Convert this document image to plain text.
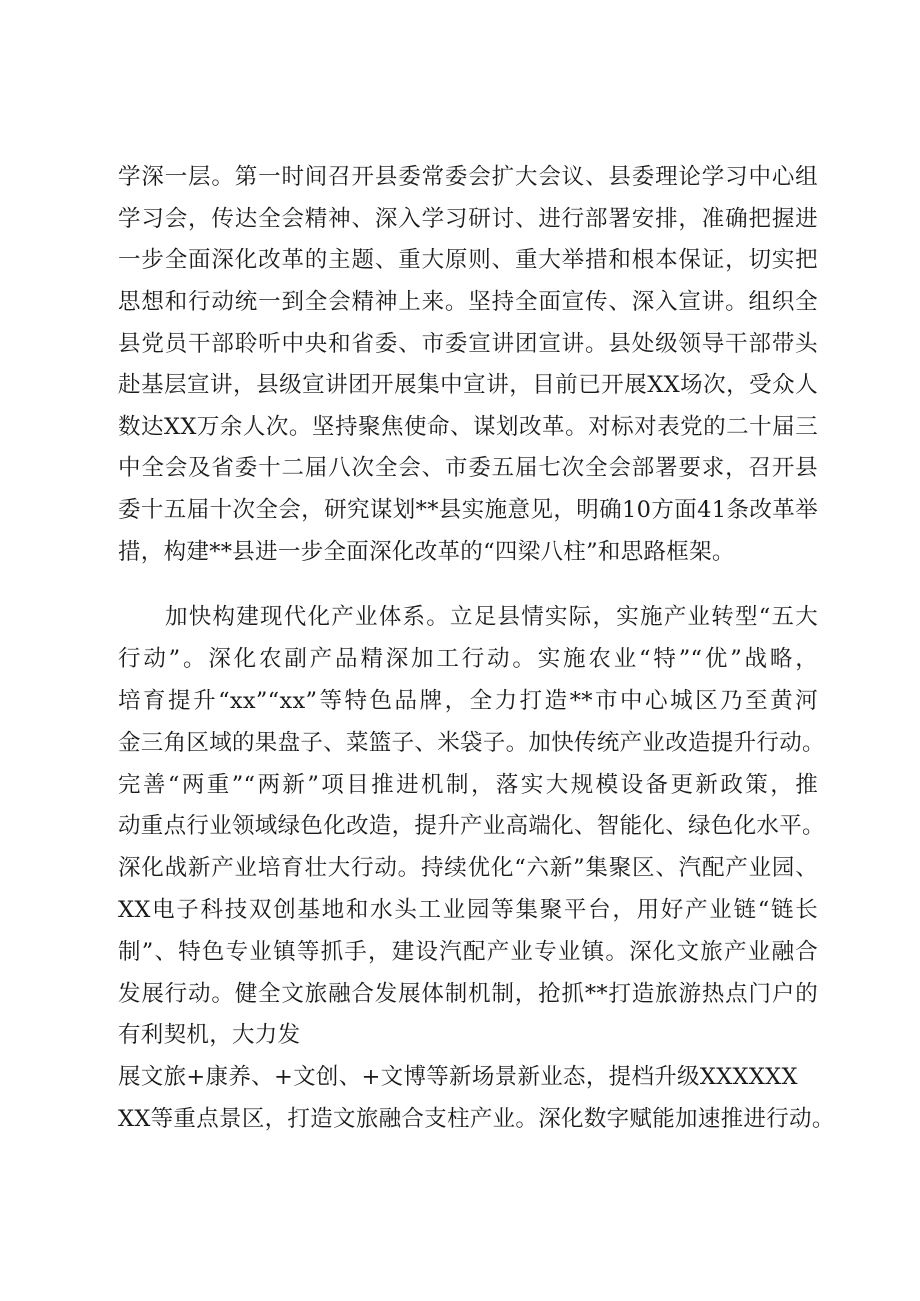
学深一层。第一时间召开县委常委会扩大会议、县委理论学习中心组
学习会，传达全会精神、深入学习研讨、进行部署安排，准确把握进
一步全面深化改革的主题、重大原则、重大举措和根本保证，切实把
思想和行动统一到全会精神上来。坚持全面宣传、深入宣讲。组织全
县党员干部聆听中央和省委、市委宣讲团宣讲。县处级领导干部带头
赴基层宣讲，县级宣讲团开展集中宣讲，目前已开展XX场次，受众人
数达XX万余人次。坚持聚焦使命、谋划改革。对标对表党的二十届三
中全会及省委十二届八次全会、市委五届七次全会部署要求，召开县
委十五届十次全会，研究谋划**县实施意见，明确10方面41条改革举
措，构建**县进一步全面深化改革的“四梁八柱”和思路框架。
加快构建现代化产业体系。立足县情实际，实施产业转型“五大
行动”。深化农副产品精深加工行动。实施农业“特”“优”战略，
培育提升“xx”“xx”等特色品牌，全力打造**市中心城区乃至黄河
金三角区域的果盘子、菜篮子、米袋子。加快传统产业改造提升行动。
完善“两重”“两新”项目推进机制，落实大规模设备更新政策，推
动重点行业领域绿色化改造，提升产业高端化、智能化、绿色化水平。
深化战新产业培育壮大行动。持续优化“六新”集聚区、汽配产业园、
XX电子科技双创基地和水头工业园等集聚平台，用好产业链“链长
制”、特色专业镇等抓手，建设汽配产业专业镇。深化文旅产业融合
发展行动。健全文旅融合发展体制机制，抢抓**打造旅游热点门户的
有利契机，大力发
展文旅+康养、+文创、+文博等新场景新业态，提档升级XXXXXX
XX等重点景区，打造文旅融合支柱产业。深化数字赋能加速推进行动。
